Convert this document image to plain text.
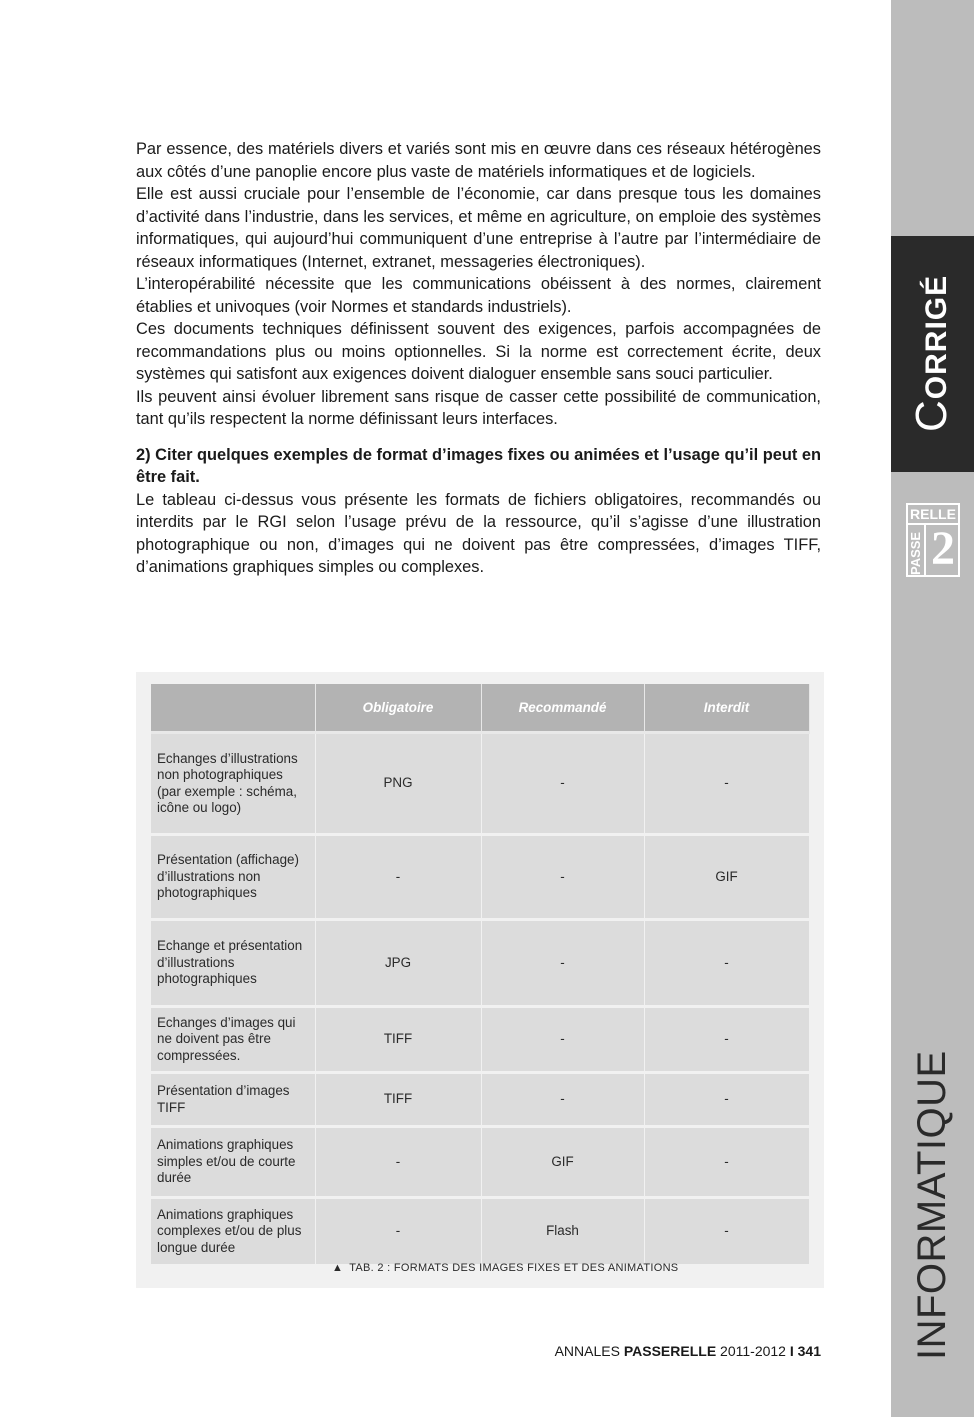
CORRIGÉ
RELLE
PASSE 2
INFORMATIQUE

Par essence, des matériels divers et variés sont mis en œuvre dans ces réseaux hétérogènes aux côtés d’une panoplie encore plus vaste de matériels informatiques et de logiciels.

Elle est aussi cruciale pour l’ensemble de l’économie, car dans presque tous les domaines d’activité dans l’industrie, dans les services, et même en agriculture, on emploie des systèmes informatiques, qui aujourd’hui communiquent d’une entreprise à l’autre par l’intermédiaire de réseaux informatiques (Internet, extranet, messageries électroniques).

L’interopérabilité nécessite que les communications obéissent à des normes, clairement établies et univoques (voir Normes et standards industriels).

Ces documents techniques définissent souvent des exigences, parfois accompagnées de recommandations plus ou moins optionnelles. Si la norme est correctement écrite, deux systèmes qui satisfont aux exigences doivent dialoguer ensemble sans souci particulier.

Ils peuvent ainsi évoluer librement sans risque de casser cette possibilité de communication, tant qu’ils respectent la norme définissant leurs interfaces.

2) Citer quelques exemples de format d’images fixes ou animées et l’usage qu’il peut en être fait.

Le tableau ci-dessus vous présente les formats de fichiers obligatoires, recommandés ou interdits par le RGI selon l’usage prévu de la ressource, qu’il s’agisse d’une illustration photographique ou non, d’images qui ne doivent pas être compressées, d’images TIFF, d’animations graphiques simples ou complexes.

	Obligatoire	Recommandé	Interdit
Echanges d’illustrations non photographiques (par exemple : schéma, icône ou logo)	PNG	-	-
Présentation (affichage) d’illustrations non photographiques	-	-	GIF
Echange et présentation d’illustrations photographiques	JPG	-	-
Echanges d’images qui ne doivent pas être compressées.	TIFF	-	-
Présentation d’images TIFF	TIFF	-	-
Animations graphiques simples et/ou de courte durée	-	GIF	-
Animations graphiques complexes et/ou de plus longue durée	-	Flash	-
▲ TAB. 2 : FORMATS DES IMAGES FIXES ET DES ANIMATIONS
ANNALES PASSERELLE 2011-2012 I 341
